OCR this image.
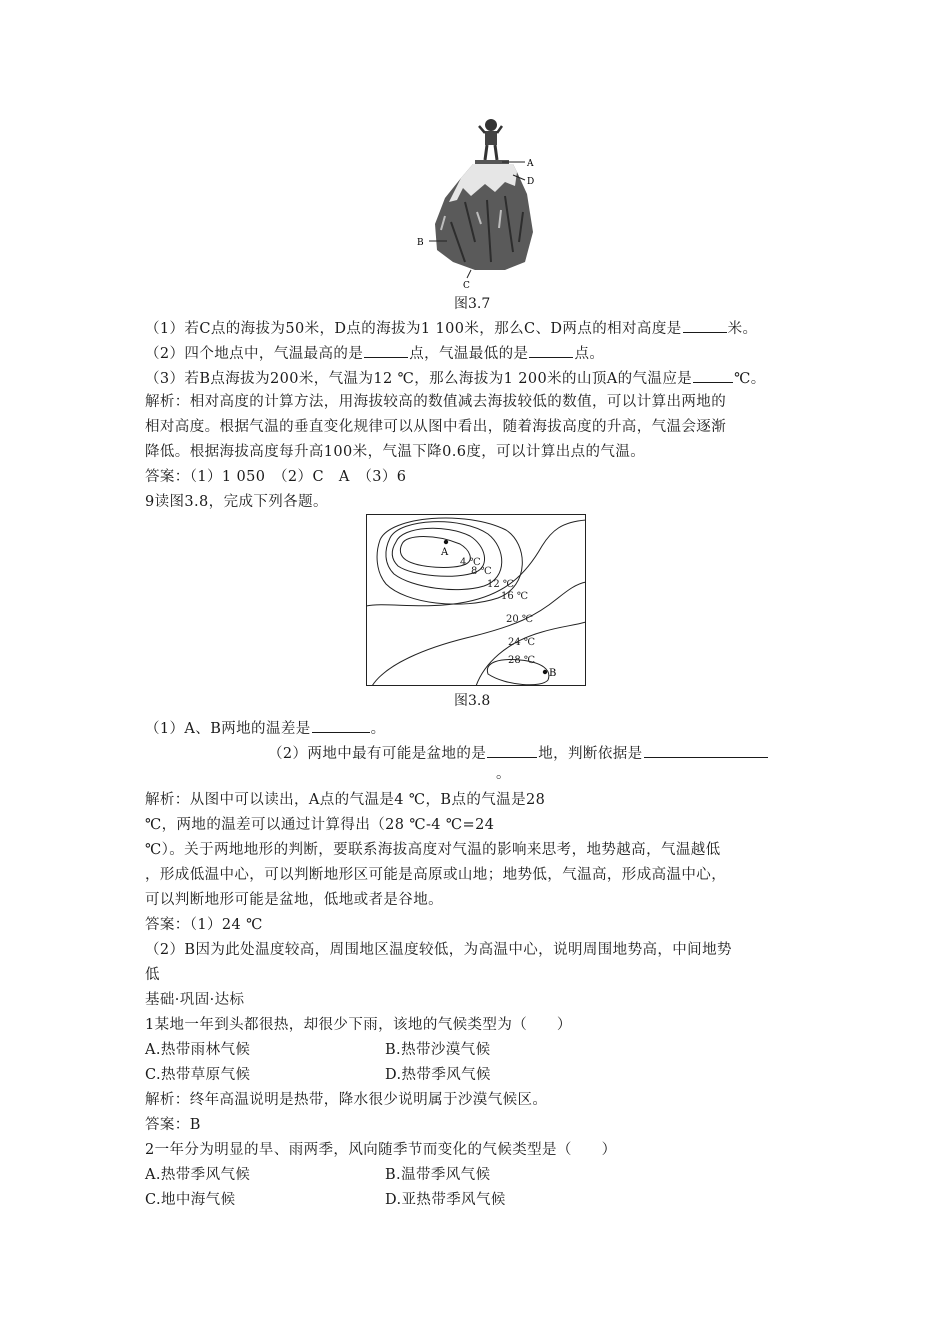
A
D
B
C
图3.7
（1）若C点的海拔为50米，D点的海拔为1 100米，那么C、D两点的相对高度是	米。
（2）四个地点中，气温最高的是	点，气温最低的是	点。
（3）若B点海拔为200米，气温为12 ℃，那么海拔为1 200米的山顶A的气温应是	℃。
解析：相对高度的计算方法，用海拔较高的数值减去海拔较低的数值，可以计算出两地的
相对高度。根据气温的垂直变化规律可以从图中看出，随着海拔高度的升高，气温会逐渐
降低。根据海拔高度每升高100米，气温下降0.6度，可以计算出点的气温。
答案：（1）1 050　（2）C　A　（3）6
9读图3.8，完成下列各题。
A
B
4 ℃
8 ℃
12 ℃
16 ℃
20 ℃
24 ℃
28 ℃
图3.8
（1）A、B两地的温差是	。
（2）两地中最有可能是盆地的是	地，判断依据是
。
解析：从图中可以读出，A点的气温是4 ℃，B点的气温是28
℃，两地的温差可以通过计算得出（28 ℃-4 ℃=24
℃）。关于两地地形的判断，要联系海拔高度对气温的影响来思考，地势越高，气温越低
，形成低温中心，可以判断地形区可能是高原或山地；地势低，气温高，形成高温中心，
可以判断地形可能是盆地，低地或者是谷地。
答案：（1）24 ℃
（2）B因为此处温度较高，周围地区温度较低，为高温中心，说明周围地势高，中间地势
低
基础·巩固·达标
1某地一年到头都很热，却很少下雨，该地的气候类型为（　　）
A.热带雨林气候	B.热带沙漠气候
C.热带草原气候	D.热带季风气候
解析：终年高温说明是热带，降水很少说明属于沙漠气候区。
答案：B
2一年分为明显的旱、雨两季，风向随季节而变化的气候类型是（　　）
A.热带季风气候	B.温带季风气候
C.地中海气候	D.亚热带季风气候
